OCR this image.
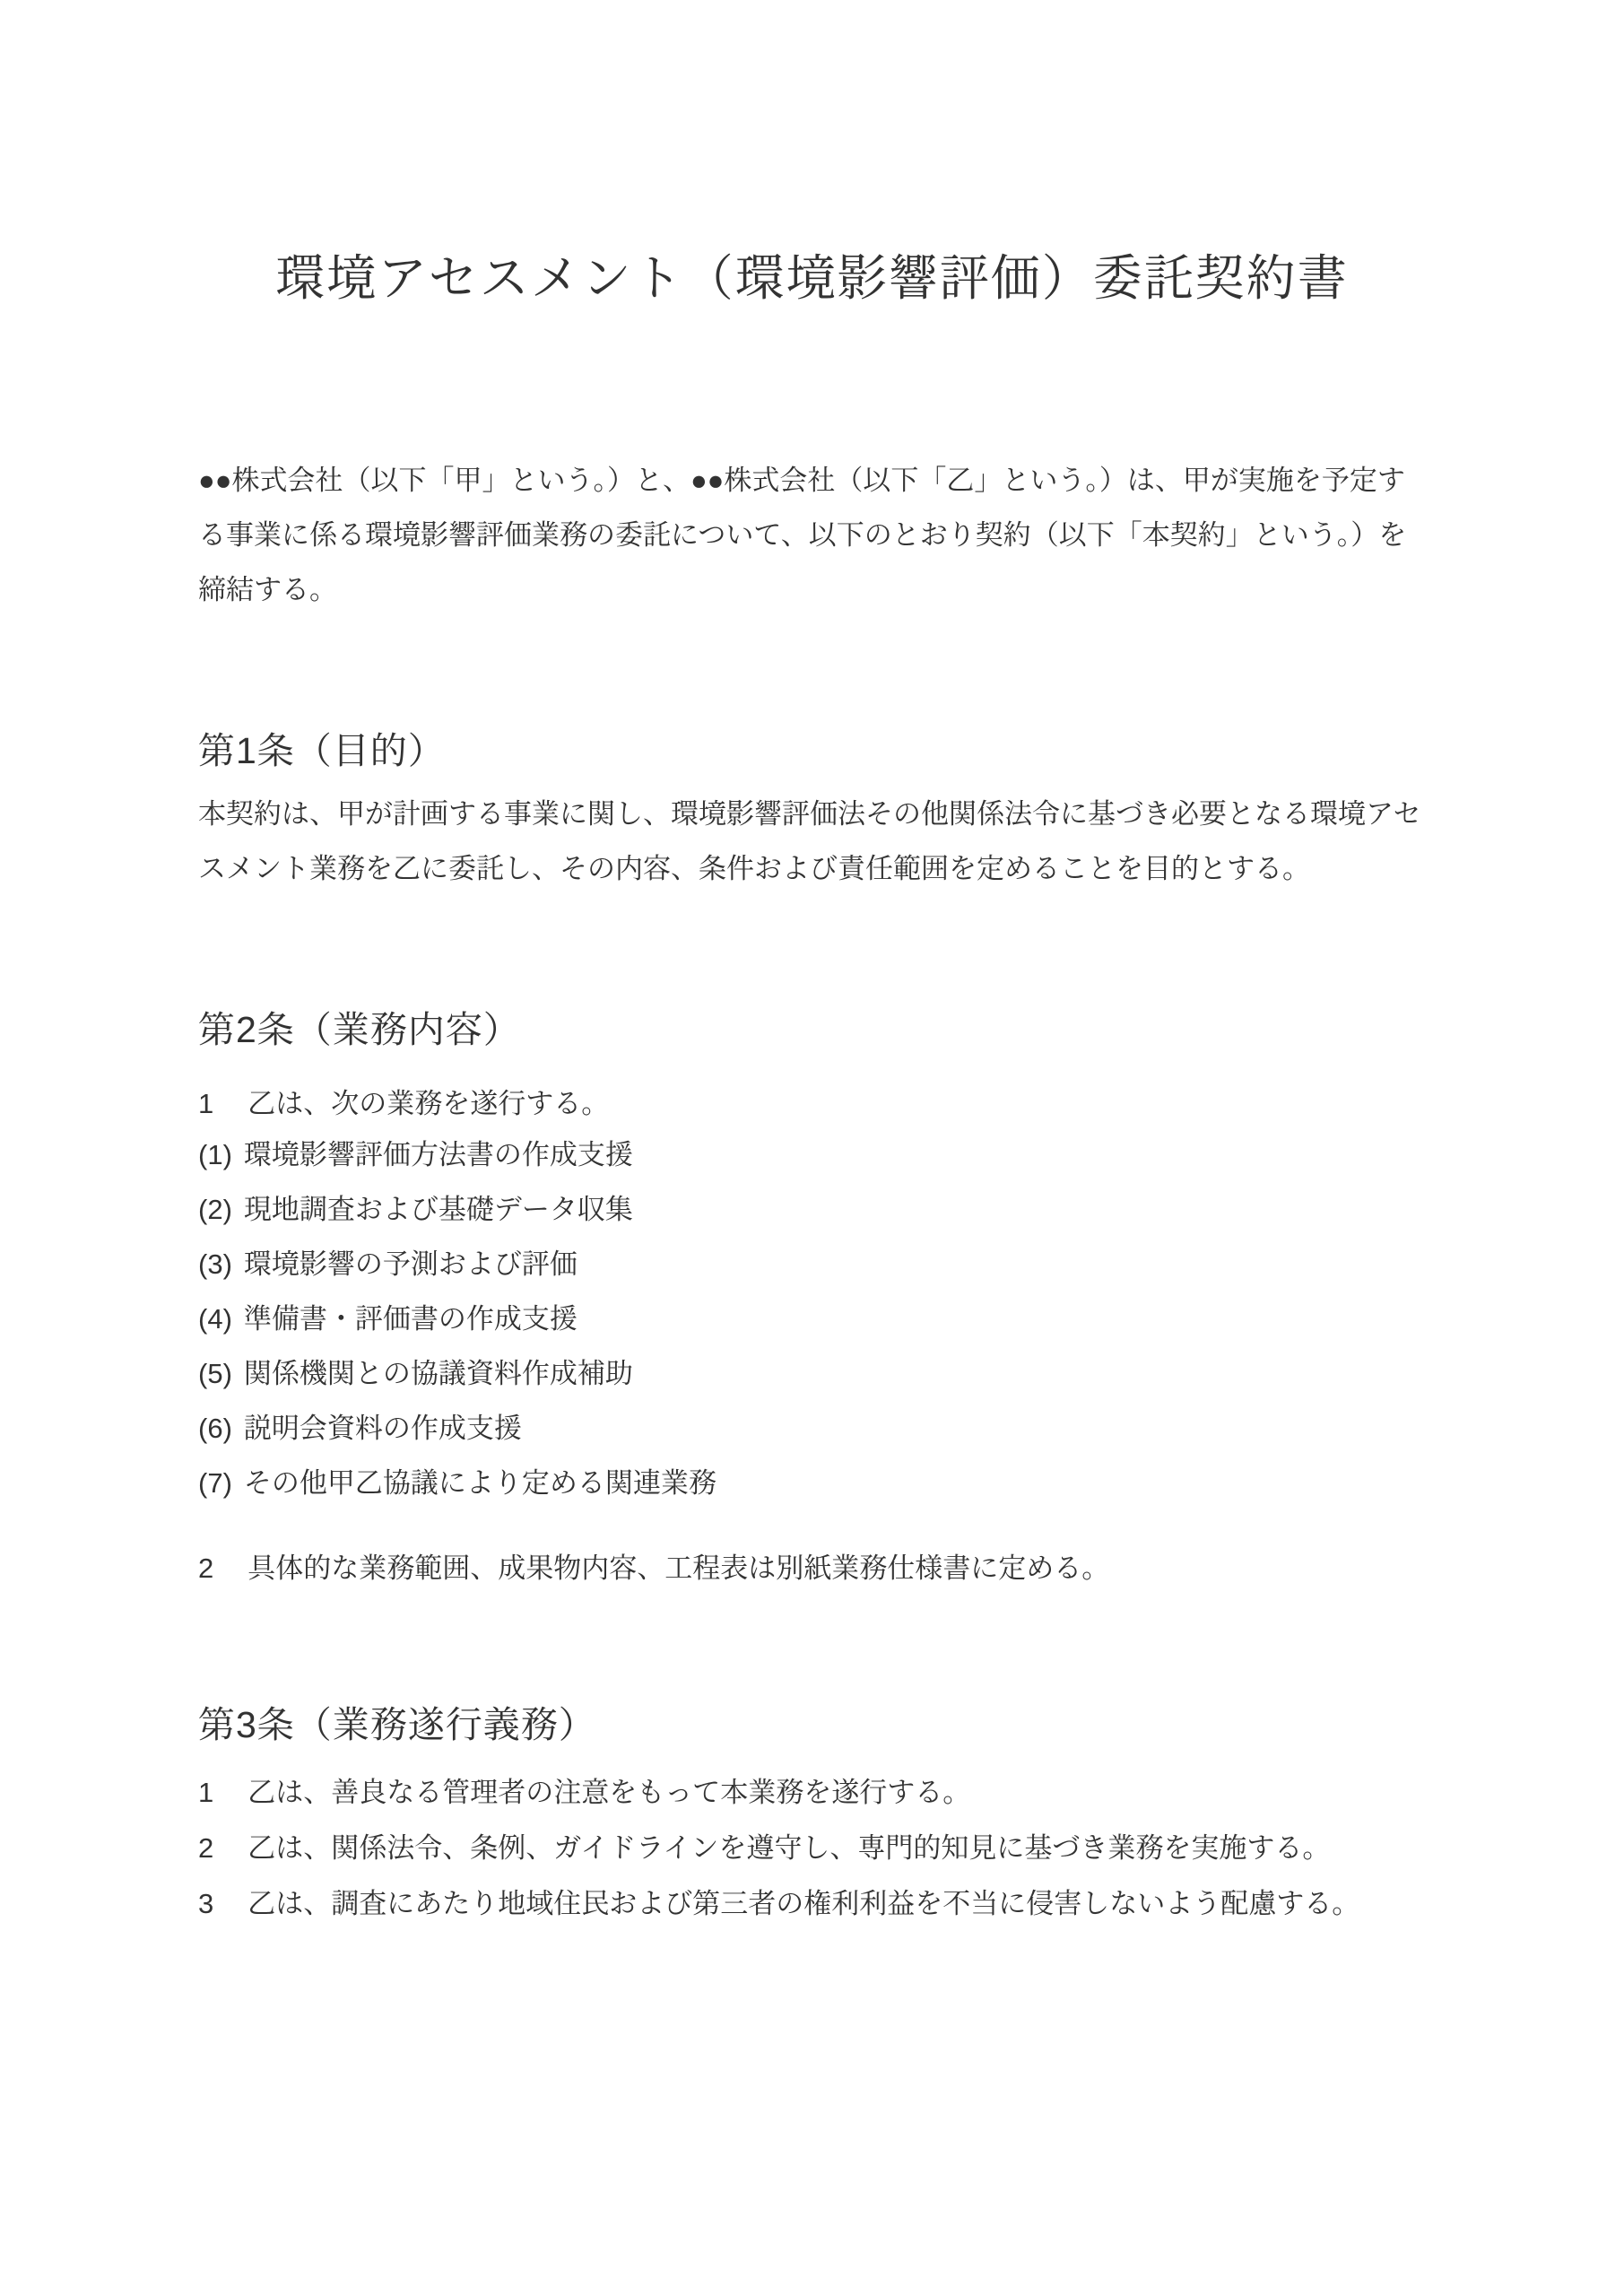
環境アセスメント（環境影響評価）委託契約書

●●株式会社（以下「甲」という。）と、●●株式会社（以下「乙」という。）は、甲が実施を予定する事業に係る環境影響評価業務の委託について、以下のとおり契約（以下「本契約」という。）を締結する。

第1条（目的）

本契約は、甲が計画する事業に関し、環境影響評価法その他関係法令に基づき必要となる環境アセスメント業務を乙に委託し、その内容、条件および責任範囲を定めることを目的とする。

第2条（業務内容）
1 乙は、次の業務を遂行する。
(1) 環境影響評価方法書の作成支援
(2) 現地調査および基礎データ収集
(3) 環境影響の予測および評価
(4) 準備書・評価書の作成支援
(5) 関係機関との協議資料作成補助
(6) 説明会資料の作成支援
(7) その他甲乙協議により定める関連業務
2 具体的な業務範囲、成果物内容、工程表は別紙業務仕様書に定める。
第3条（業務遂行義務）
1 乙は、善良なる管理者の注意をもって本業務を遂行する。
2 乙は、関係法令、条例、ガイドラインを遵守し、専門的知見に基づき業務を実施する。
3 乙は、調査にあたり地域住民および第三者の権利利益を不当に侵害しないよう配慮する。
